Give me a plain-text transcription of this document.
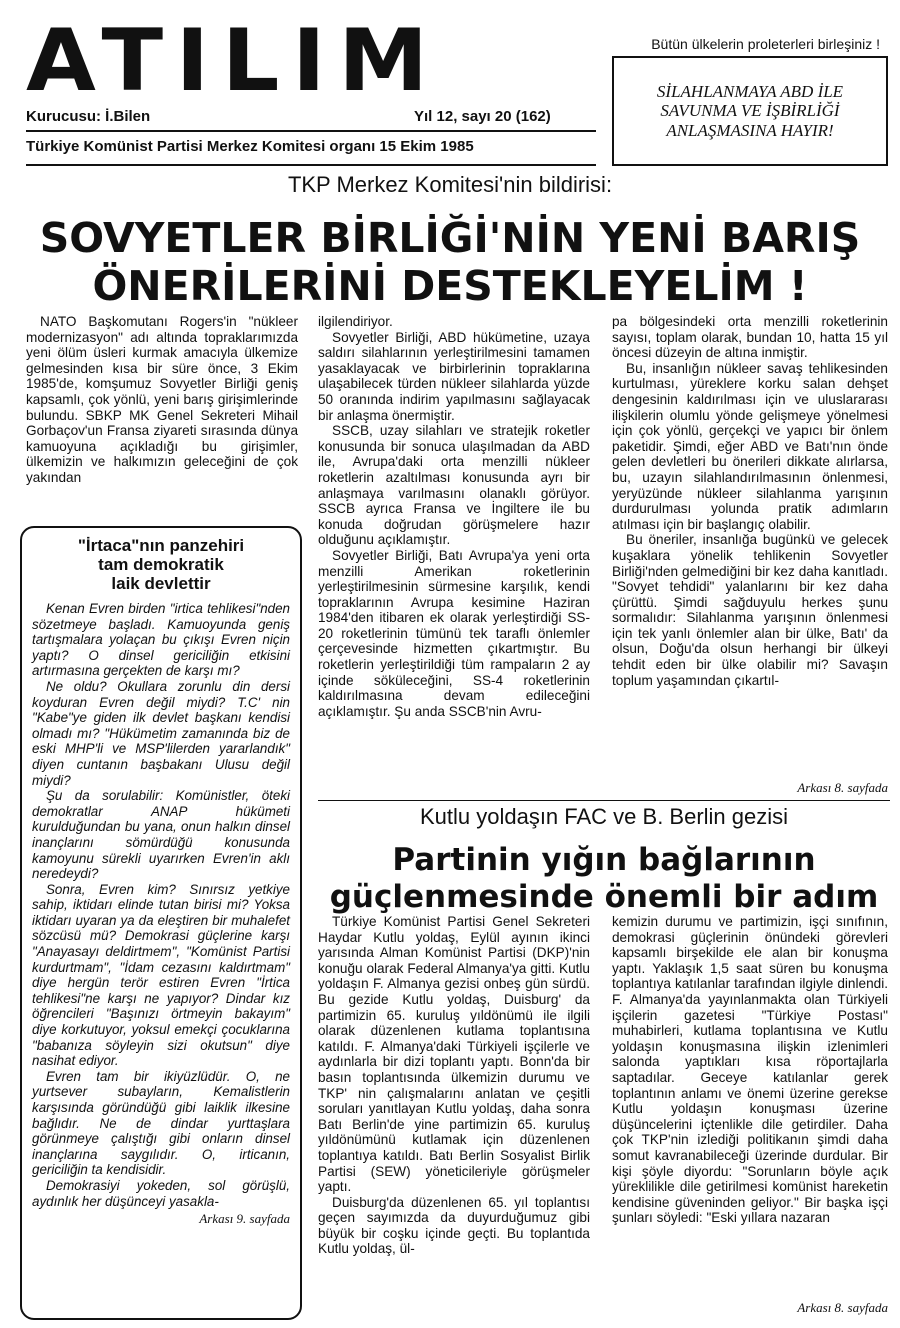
ATILIM	Bütün ülkelerin proleterleri birleşiniz !
SİLAHLANMAYA ABD İLE
SAVUNMA VE İŞBİRLİĞİ
ANLAŞMASINA HAYIR!
Kurucusu: İ.Bilen	Yıl 12, sayı 20 (162)
Türkiye Komünist Partisi Merkez Komitesi organı 15 Ekim 1985
TKP Merkez Komitesi'nin bildirisi:
SOVYETLER BİRLİĞİ'NİN YENİ BARIŞ
ÖNERİLERİNİ DESTEKLEYELİM !

NATO Başkomutanı Rogers'in "nükleer modernizasyon" adı altında topraklarımızda yeni ölüm üsleri kurmak amacıyla ülkemize gelmesinden kısa bir süre önce, 3 Ekim 1985'de, komşumuz Sovyetler Birliği geniş kapsamlı, çok yönlü, yeni barış girişimlerinde bulundu. SBKP MK Genel Sekreteri Mihail Gorbaçov'un Fransa ziyareti sırasında dünya kamuoyuna açıkladığı bu girişimler, ülkemizin ve halkımızın geleceğini de çok yakından

ilgilendiriyor.

Sovyetler Birliği, ABD hükümetine, uzaya saldırı silahlarının yerleştirilmesini tamamen yasaklayacak ve birbirlerinin topraklarına ulaşabilecek türden nükleer silahlarda yüzde 50 oranında indirim yapılmasını sağlayacak bir anlaşma önermiştir.

SSCB, uzay silahları ve stratejik roketler konusunda bir sonuca ulaşılmadan da ABD ile, Avrupa'daki orta menzilli nükleer roketlerin azaltılması konusunda ayrı bir anlaşmaya varılmasını olanaklı görüyor. SSCB ayrıca Fransa ve İngiltere ile bu konuda doğrudan görüşmelere hazır olduğunu açıklamıştır.

Sovyetler Birliği, Batı Avrupa'ya yeni orta menzilli Amerikan roketlerinin yerleştirilmesinin sürmesine karşılık, kendi topraklarının Avrupa kesimine Haziran 1984'den itibaren ek olarak yerleştirdiği SS-20 roketlerinin tümünü tek taraflı önlemler çerçevesinde hizmetten çıkartmıştır. Bu roketlerin yerleştirildiği tüm rampaların 2 ay içinde söküleceğini, SS-4 roketlerinin kaldırılmasına devam edileceğini açıklamıştır. Şu anda SSCB'nin Avru-

pa bölgesindeki orta menzilli roketlerinin sayısı, toplam olarak, bundan 10, hatta 15 yıl öncesi düzeyin de altına inmiştir.

Bu, insanlığın nükleer savaş tehlikesinden kurtulması, yüreklere korku salan dehşet dengesinin kaldırılması için ve uluslararası ilişkilerin olumlu yönde gelişmeye yönelmesi için çok yönlü, gerçekçi ve yapıcı bir önlem paketidir. Şimdi, eğer ABD ve Batı'nın önde gelen devletleri bu önerileri dikkate alırlarsa, bu, uzayın silahlandırılmasının önlenmesi, yeryüzünde nükleer silahlanma yarışının durdurulması yolunda pratik adımların atılması için bir başlangıç olabilir.

Bu öneriler, insanlığa bugünkü ve gelecek kuşaklara yönelik tehlikenin Sovyetler Birliği'nden gelmediğini bir kez daha kanıtladı. "Sovyet tehdidi" yalanlarını bir kez daha çürüttü. Şimdi sağduyulu herkes şunu sormalıdır: Silahlanma yarışının önlenmesi için tek yanlı önlemler alan bir ülke, Batı' da olsun, Doğu'da olsun herhangi bir ülkeyi tehdit eden bir ülke olabilir mi? Savaşın toplum yaşamından çıkartıl-

Arkası 8. sayfada
"İrtaca"nın panzehiri
tam demokratik
laik devlettir

Kenan Evren birden "irtica tehlikesi"nden sözetmeye başladı. Kamuoyunda geniş tartışmalara yolaçan bu çıkışı Evren niçin yaptı? O dinsel gericiliğin etkisini artırmasına gerçekten de karşı mı?

Ne oldu? Okullara zorunlu din dersi koyduran Evren değil miydi? T.C' nin "Kabe"ye giden ilk devlet başkanı kendisi olmadı mı? "Hükümetim zamanında biz de eski MHP'li ve MSP'lilerden yararlandık" diyen cuntanın başbakanı Ulusu değil miydi?

Şu da sorulabilir: Komünistler, öteki demokratlar ANAP hükümeti kurulduğundan bu yana, onun halkın dinsel inançlarını sömürdüğü konusunda kamoyunu sürekli uyarırken Evren'in aklı neredeydi?

Sonra, Evren kim? Sınırsız yetkiye sahip, iktidarı elinde tutan birisi mi? Yoksa iktidarı uyaran ya da eleştiren bir muhalefet sözcüsü mü? Demokrasi güçlerine karşı "Anayasayı deldirtmem", "Komünist Partisi kurdurtmam", "İdam cezasını kaldırtmam" diye hergün terör estiren Evren "İrtica tehlikesi"ne karşı ne yapıyor? Dindar kız öğrencileri "Başınızı örtmeyin bakayım" diye korkutuyor, yoksul emekçi çocuklarına "babanıza söyleyin sizi okutsun" diye nasihat ediyor.

Evren tam bir ikiyüzlüdür. O, ne yurtsever subayların, Kemalistlerin karşısında göründüğü gibi laiklik ilkesine bağlıdır. Ne de dindar yurttaşlara görünmeye çalıştığı gibi onların dinsel inançlarına saygılıdır. O, irticanın, gericiliğin ta kendisidir.

Demokrasiyi yokeden, sol görüşlü, aydınlık her düşünceyi yasakla-

Arkası 9. sayfada
Kutlu yoldaşın FAC ve B. Berlin gezisi
Partinin yığın bağlarının
güçlenmesinde önemli bir adım

Türkiye Komünist Partisi Genel Sekreteri Haydar Kutlu yoldaş, Eylül ayının ikinci yarısında Alman Komünist Partisi (DKP)'nin konuğu olarak Federal Almanya'ya gitti. Kutlu yoldaşın F. Almanya gezisi onbeş gün sürdü. Bu gezide Kutlu yoldaş, Duisburg' da partimizin 65. kuruluş yıldönümü ile ilgili olarak düzenlenen kutlama toplantısına katıldı. F. Almanya'daki Türkiyeli işçilerle ve aydınlarla bir dizi toplantı yaptı. Bonn'da bir basın toplantısında ülkemizin durumu ve TKP' nin çalışmalarını anlatan ve çeşitli soruları yanıtlayan Kutlu yoldaş, daha sonra Batı Berlin'de yine partimizin 65. kuruluş yıldönümünü kutlamak için düzenlenen toplantıya katıldı. Batı Berlin Sosyalist Birlik Partisi (SEW) yöneticileriyle görüşmeler yaptı.

Duisburg'da düzenlenen 65. yıl toplantısı geçen sayımızda da duyurduğumuz gibi büyük bir coşku içinde geçti. Bu toplantıda Kutlu yoldaş, ül-

kemizin durumu ve partimizin, işçi sınıfının, demokrasi güçlerinin önündeki görevleri kapsamlı birşekilde ele alan bir konuşma yaptı. Yaklaşık 1,5 saat süren bu konuşma toplantıya katılanlar tarafından ilgiyle dinlendi. F. Almanya'da yayınlanmakta olan Türkiyeli işçilerin gazetesi "Türkiye Postası" muhabirleri, kutlama toplantısına ve Kutlu yoldaşın konuşmasına ilişkin izlenimleri salonda yaptıkları kısa röportajlarla saptadılar. Geceye katılanlar gerek toplantının anlamı ve önemi üzerine gerekse Kutlu yoldaşın konuşması üzerine düşüncelerini içtenlikle dile getirdiler. Daha çok TKP'nin izlediği politikanın şimdi daha somut kavranabileceği üzerinde durdular. Bir kişi şöyle diyordu: "Sorunların böyle açık yüreklilikle dile getirilmesi komünist hareketin kendisine güveninden geliyor." Bir başka işçi şunları söyledi: "Eski yıllara nazaran

Arkası 8. sayfada
